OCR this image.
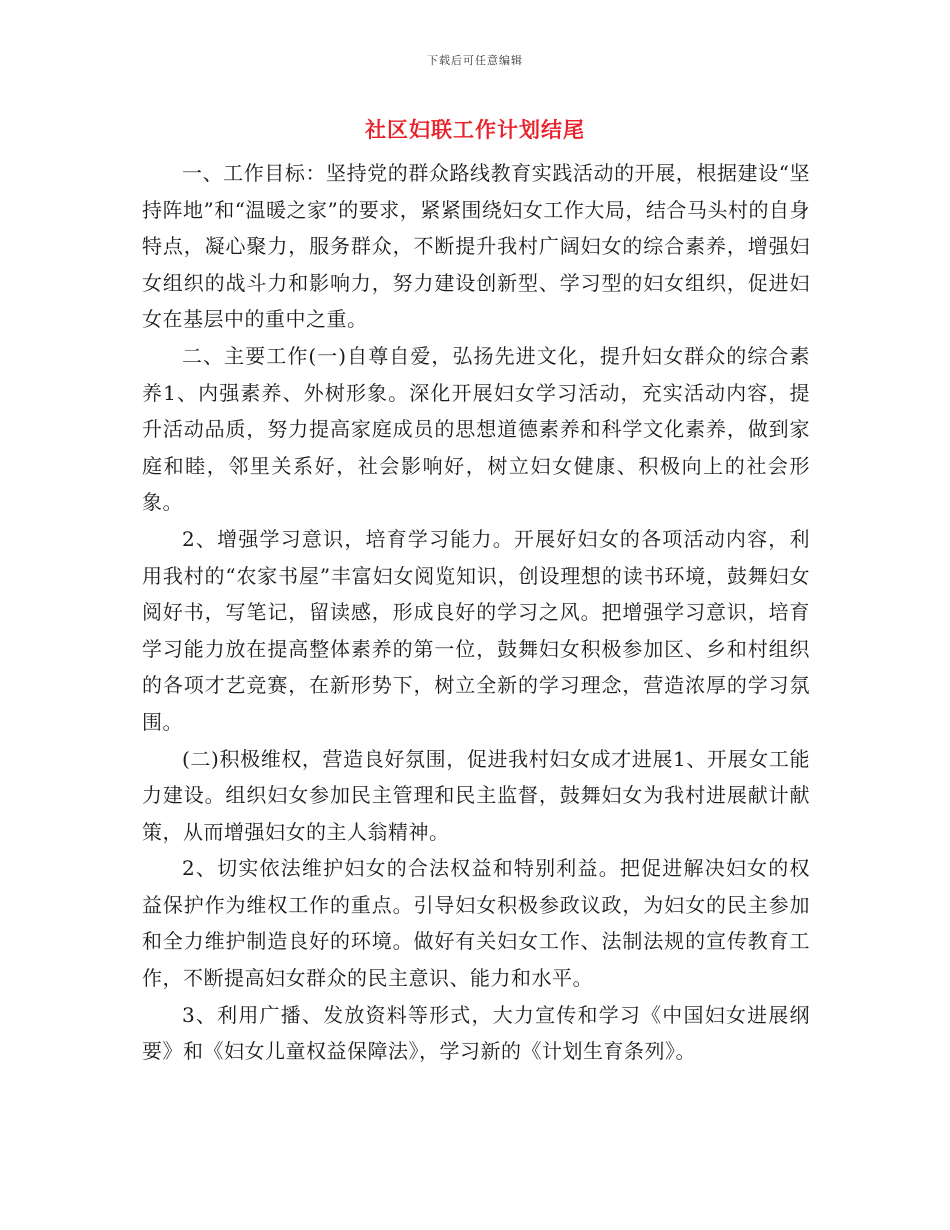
下载后可任意编辑
社区妇联工作计划结尾

一、工作目标：坚持党的群众路线教育实践活动的开展，根据建设“坚持阵地”和“温暖之家”的要求，紧紧围绕妇女工作大局，结合马头村的自身特点，凝心聚力，服务群众，不断提升我村广阔妇女的综合素养，增强妇女组织的战斗力和影响力，努力建设创新型、学习型的妇女组织，促进妇女在基层中的重中之重。

二、主要工作(一)自尊自爱，弘扬先进文化，提升妇女群众的综合素养1、内强素养、外树形象。深化开展妇女学习活动，充实活动内容，提升活动品质，努力提高家庭成员的思想道德素养和科学文化素养，做到家庭和睦，邻里关系好，社会影响好，树立妇女健康、积极向上的社会形象。

2、增强学习意识，培育学习能力。开展好妇女的各项活动内容，利用我村的“农家书屋”丰富妇女阅览知识，创设理想的读书环境，鼓舞妇女阅好书，写笔记，留读感，形成良好的学习之风。把增强学习意识，培育学习能力放在提高整体素养的第一位，鼓舞妇女积极参加区、乡和村组织的各项才艺竞赛，在新形势下，树立全新的学习理念，营造浓厚的学习氛围。

(二)积极维权，营造良好氛围，促进我村妇女成才进展1、开展女工能力建设。组织妇女参加民主管理和民主监督，鼓舞妇女为我村进展献计献策，从而增强妇女的主人翁精神。

2、切实依法维护妇女的合法权益和特别利益。把促进解决妇女的权益保护作为维权工作的重点。引导妇女积极参政议政，为妇女的民主参加和全力维护制造良好的环境。做好有关妇女工作、法制法规的宣传教育工作，不断提高妇女群众的民主意识、能力和水平。

3、利用广播、发放资料等形式，大力宣传和学习《中国妇女进展纲要》和《妇女儿童权益保障法》，学习新的《计划生育条列》。
